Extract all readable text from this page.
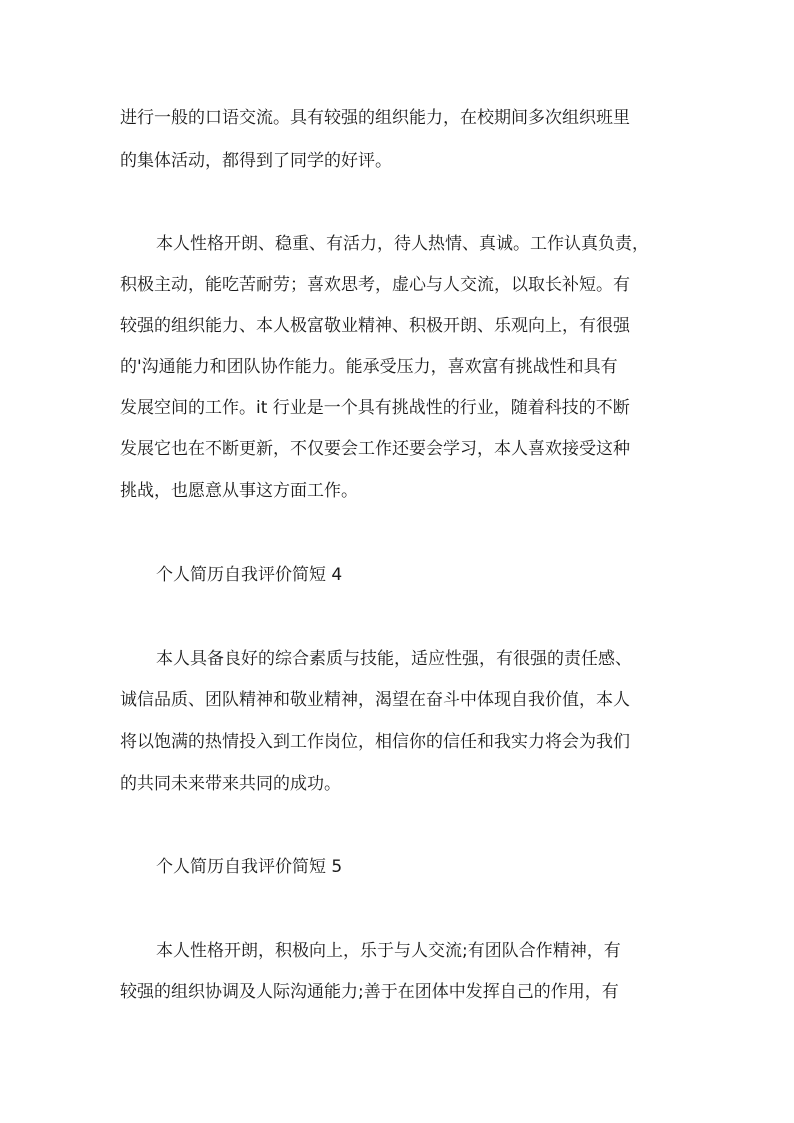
进行一般的口语交流。具有较强的组织能力，在校期间多次组织班里
的集体活动，都得到了同学的好评。
本人性格开朗、稳重、有活力，待人热情、真诚。工作认真负责，
积极主动，能吃苦耐劳；喜欢思考，虚心与人交流，以取长补短。有
较强的组织能力、本人极富敬业精神、积极开朗、乐观向上，有很强
的'沟通能力和团队协作能力。能承受压力，喜欢富有挑战性和具有
发展空间的工作。it 行业是一个具有挑战性的行业，随着科技的不断
发展它也在不断更新，不仅要会工作还要会学习，本人喜欢接受这种
挑战，也愿意从事这方面工作。
个人简历自我评价简短 4
本人具备良好的综合素质与技能，适应性强，有很强的责任感、
诚信品质、团队精神和敬业精神，渴望在奋斗中体现自我价值，本人
将以饱满的热情投入到工作岗位，相信你的信任和我实力将会为我们
的共同未来带来共同的成功。
个人简历自我评价简短 5
本人性格开朗，积极向上，乐于与人交流;有团队合作精神，有
较强的组织协调及人际沟通能力;善于在团体中发挥自己的作用，有
